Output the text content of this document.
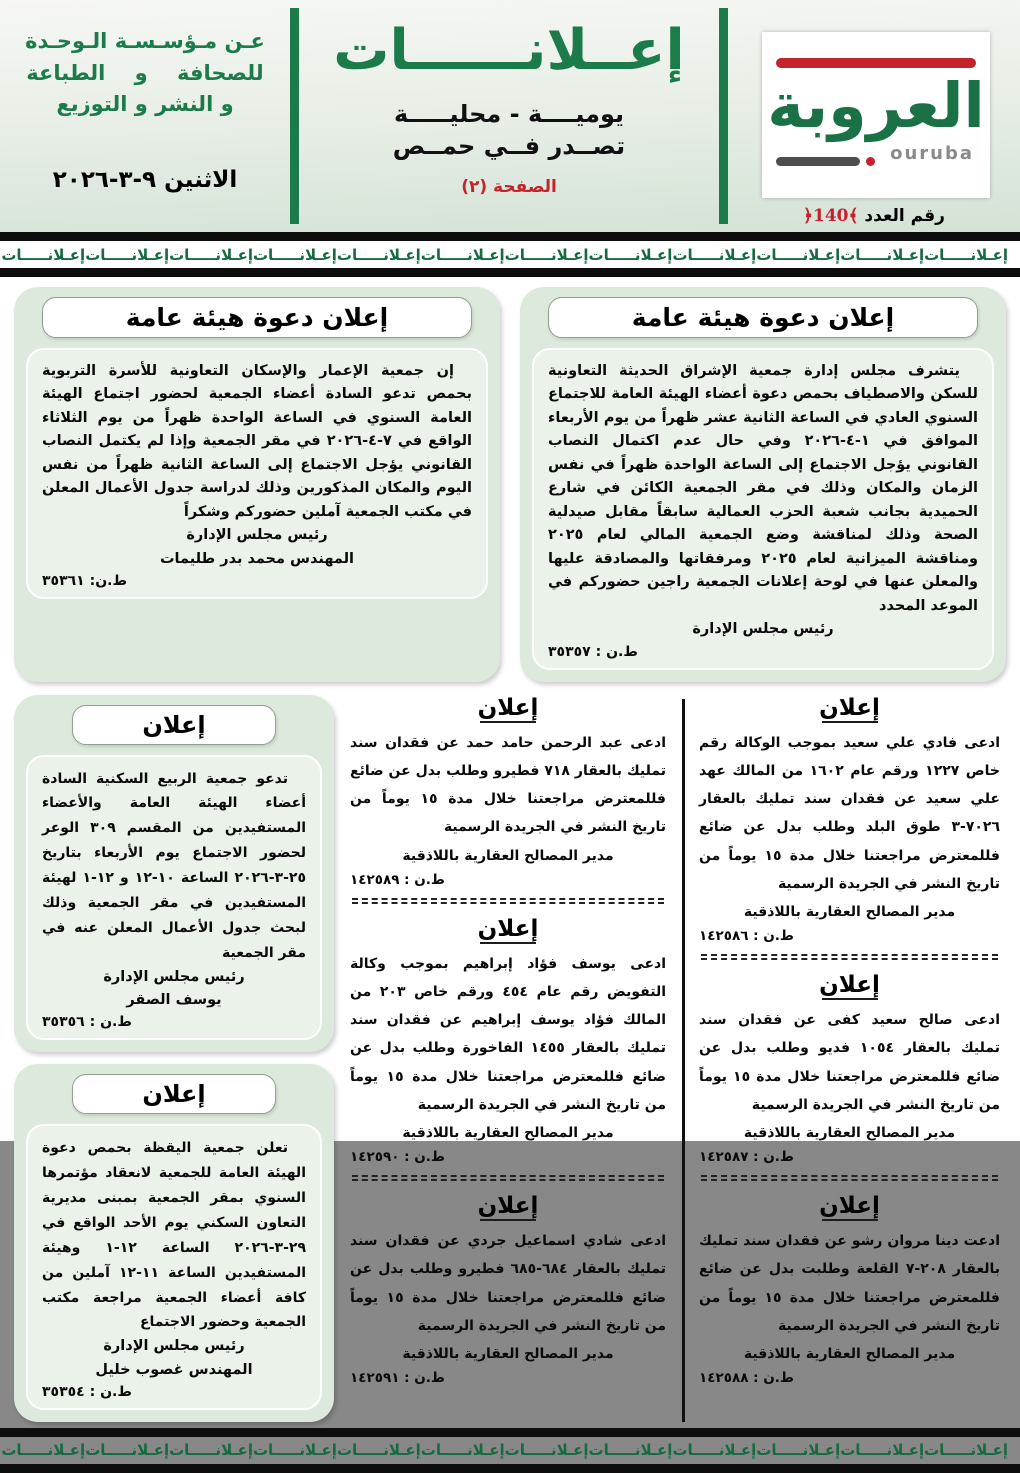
عـن مـؤسـسـة الـوحـدة
للصحافة و الطباعة
و النشر و التوزيع
الاثنين ٩-٣-٢٠٢٦
إعــلانــــــات
يوميــــة - محليـــــة
تصــدر فــي حمــص
الصفحة (٢)
العروبة
ouruba
رقم العدد ﴾140﴿
إعـلانـــــات
إعـلانـــــات
إعـلانـــــات
إعـلانـــــات
إعـلانـــــات
إعـلانـــــات
إعـلانـــــات
إعـلانـــــات
إعـلانـــــات
إعـلانـــــات
إعـلانـــــات
إعـلانـــــات
إعلان دعوة هيئة عامة
إن جمعية الإعمار والإسكان التعاونية للأسرة التربوية بحمص تدعو السادة أعضاء الجمعية لحضور اجتماع الهيئة العامة السنوي في الساعة الواحدة ظهراً من يوم الثلاثاء الواقع في ٧-٤-٢٠٢٦ في مقر الجمعية وإذا لم يكتمل النصاب القانوني يؤجل الاجتماع إلى الساعة الثانية ظهراً من نفس اليوم والمكان المذكورين وذلك لدراسة جدول الأعمال المعلن في مكتب الجمعية آملين حضوركم وشكراً
رئيس مجلس الإدارة
المهندس محمد بدر طليمات
ط.ن: ٣٥٣٦١
إعلان دعوة هيئة عامة
يتشرف مجلس إدارة جمعية الإشراق الحديثة التعاونية للسكن والاصطياف بحمص دعوة أعضاء الهيئة العامة للاجتماع السنوي العادي في الساعة الثانية عشر ظهراً من يوم الأربعاء الموافق في ١-٤-٢٠٢٦ وفي حال عدم اكتمال النصاب القانوني يؤجل الاجتماع إلى الساعة الواحدة ظهراً في نفس الزمان والمكان وذلك في مقر الجمعية الكائن في شارع الحميدية بجانب شعبة الحزب العمالية سابقاً مقابل صيدلية الصحة وذلك لمناقشة وضع الجمعية المالي لعام ٢٠٢٥ ومناقشة الميزانية لعام ٢٠٢٥ ومرفقاتها والمصادقة عليها والمعلن عنها في لوحة إعلانات الجمعية راجين حضوركم في الموعد المحدد
رئيس مجلس الإدارة
ط.ن : ٣٥٣٥٧
إعلان
تدعو جمعية الربيع السكنية السادة أعضاء الهيئة العامة والأعضاء المستفيدين من المقسم ٣٠٩ الوعر لحضور الاجتماع يوم الأربعاء بتاريخ ٢٥-٣-٢٠٢٦ الساعة ١٠-١٢ و ١٢-١ لهيئة المستفيدين في مقر الجمعية وذلك لبحث جدول الأعمال المعلن عنه في مقر الجمعية
رئيس مجلس الإدارة
يوسف الصقر
ط.ن : ٣٥٣٥٦
إعلان
تعلن جمعية اليقظة بحمص دعوة الهيئة العامة للجمعية لانعقاد مؤتمرها السنوي بمقر الجمعية بمبنى مديرية التعاون السكني يوم الأحد الواقع في ٢٩-٣-٢٠٢٦ الساعة ١٢-١ وهيئة المستفيدين الساعة ١١-١٢ آملين من كافة أعضاء الجمعية مراجعة مكتب الجمعية وحضور الاجتماع
رئيس مجلس الإدارة
المهندس غصوب خليل
ط.ن : ٣٥٣٥٤
إعلان
ادعى عبد الرحمن حامد حمد عن فقدان سند تمليك بالعقار ٧١٨ فطيرو وطلب بدل عن ضائع فللمعترض مراجعتنا خلال مدة ١٥ يوماً من تاريخ النشر في الجريدة الرسمية
مدير المصالح العقارية باللاذقية
ط.ن : ١٤٢٥٨٩
إعلان
ادعى يوسف فؤاد إبراهيم بموجب وكالة التفويض رقم عام ٤٥٤ ورقم خاص ٢٠٣ من المالك فؤاد يوسف إبراهيم عن فقدان سند تمليك بالعقار ١٤٥٥ الفاخورة وطلب بدل عن ضائع فللمعترض مراجعتنا خلال مدة ١٥ يوماً من تاريخ النشر في الجريدة الرسمية
مدير المصالح العقارية باللاذقية
ط.ن : ١٤٢٥٩٠
إعلان
ادعى شادي اسماعيل جردي عن فقدان سند تمليك بالعقار ٦٨٤-٦٨٥ فطيرو وطلب بدل عن ضائع فللمعترض مراجعتنا خلال مدة ١٥ يوماً من تاريخ النشر في الجريدة الرسمية
مدير المصالح العقارية باللاذقية
ط.ن : ١٤٢٥٩١
إعلان
ادعى فادي علي سعيد بموجب الوكالة رقم خاص ١٢٢٧ ورقم عام ١٦٠٢ من المالك عهد علي سعيد عن فقدان سند تمليك بالعقار ٧٠٢٦-٣ طوق البلد وطلب بدل عن ضائع فللمعترض مراجعتنا خلال مدة ١٥ يوماً من تاريخ النشر في الجريدة الرسمية
مدير المصالح العقارية باللاذقية
ط.ن : ١٤٢٥٨٦
إعلان
ادعى صالح سعيد كفى عن فقدان سند تمليك بالعقار ١٠٥٤ فديو وطلب بدل عن ضائع فللمعترض مراجعتنا خلال مدة ١٥ يوماً من تاريخ النشر في الجريدة الرسمية
مدير المصالح العقارية باللاذقية
ط.ن : ١٤٢٥٨٧
إعلان
ادعت دينا مروان رشو عن فقدان سند تمليك بالعقار ٢٠٨-٧ القلعة وطلبت بدل عن ضائع فللمعترض مراجعتنا خلال مدة ١٥ يوماً من تاريخ النشر في الجريدة الرسمية
مدير المصالح العقارية باللاذقية
ط.ن : ١٤٢٥٨٨
إعـلانـــــات
إعـلانـــــات
إعـلانـــــات
إعـلانـــــات
إعـلانـــــات
إعـلانـــــات
إعـلانـــــات
إعـلانـــــات
إعـلانـــــات
إعـلانـــــات
إعـلانـــــات
إعـلانـــــات
